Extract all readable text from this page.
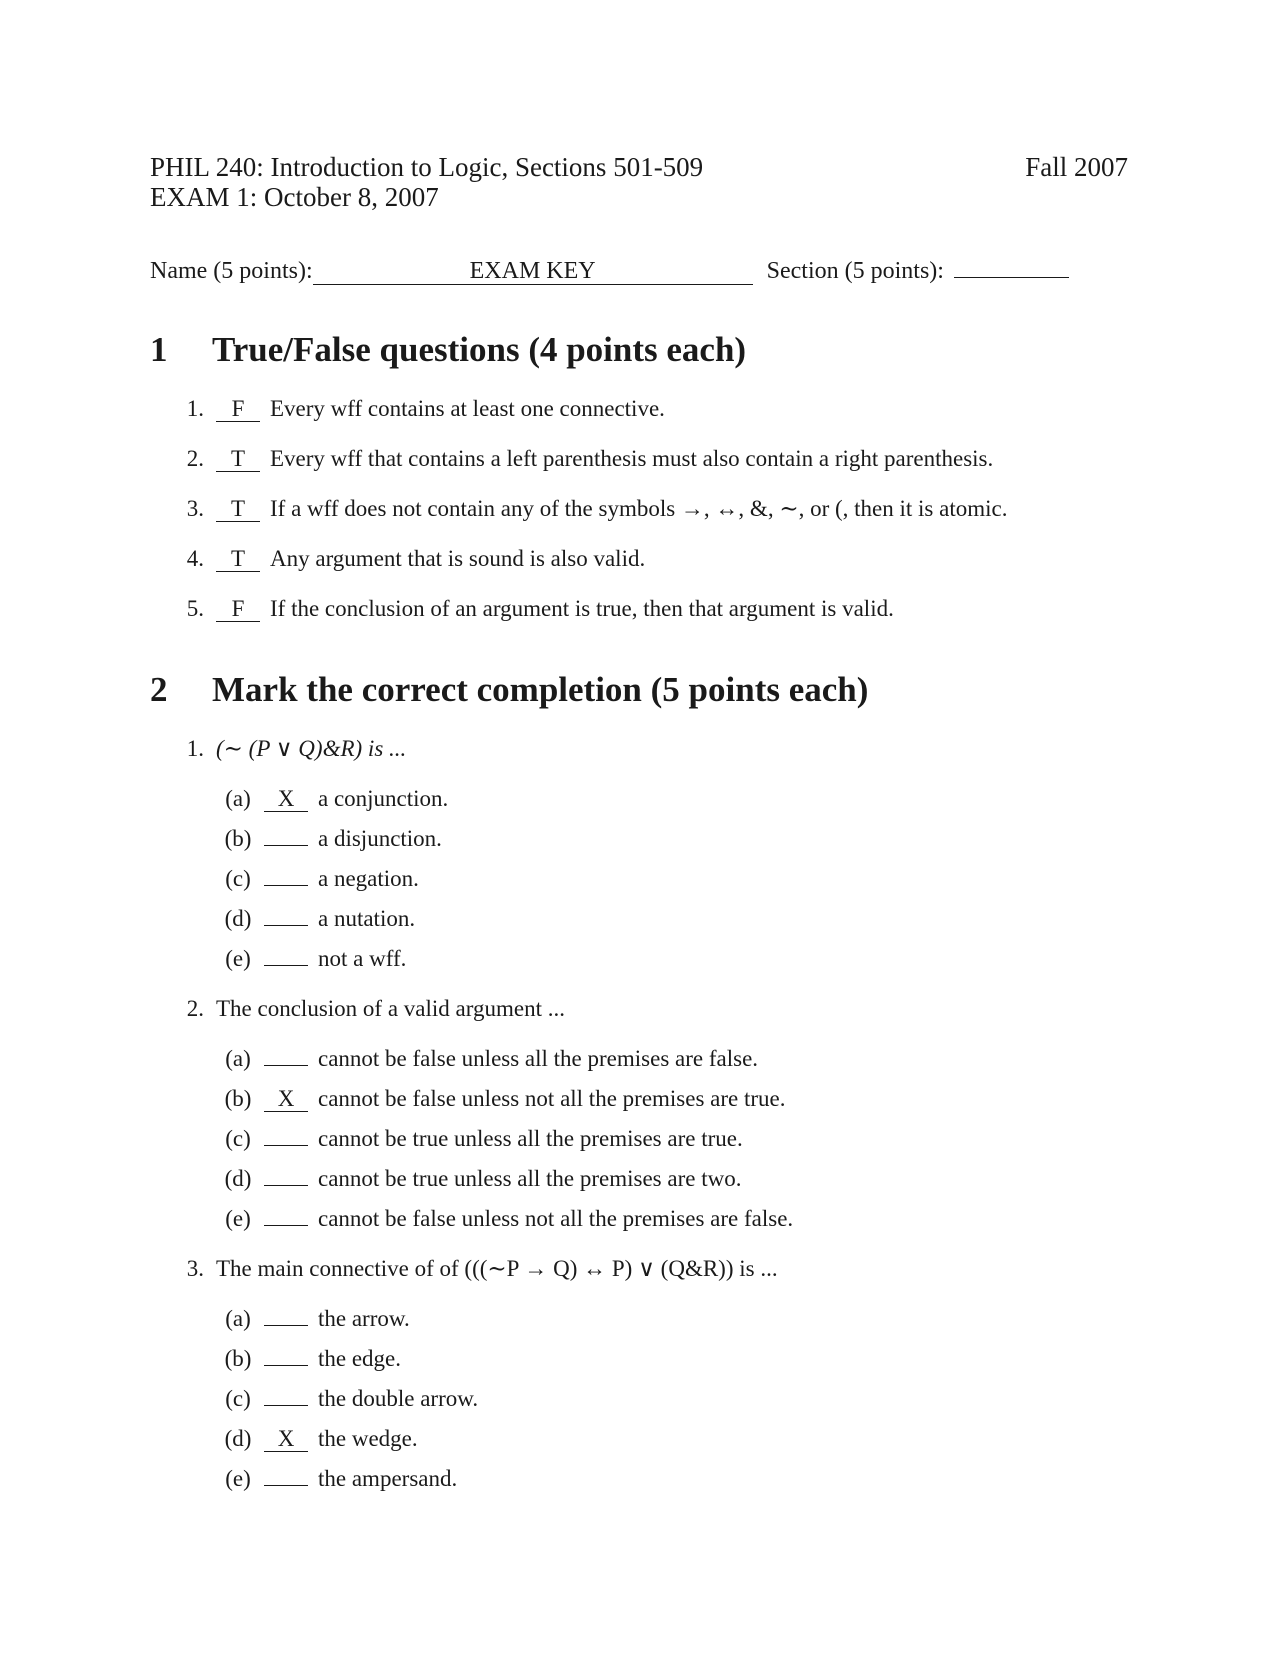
PHIL 240: Introduction to Logic, Sections 501-509
EXAM 1: October 8, 2007
Fall 2007
Name (5 points):	EXAM KEY	Section (5 points):
1 True/False questions (4 points each)
1. F Every wff contains at least one connective.
2. T Every wff that contains a left parenthesis must also contain a right parenthesis.
3. T If a wff does not contain any of the symbols →, ↔, &, ∼, or (, then it is atomic.
4. T Any argument that is sound is also valid.
5. F If the conclusion of an argument is true, then that argument is valid.
2 Mark the correct completion (5 points each)
1. (∼ (P ∨ Q)&R) is ...
(a) X a conjunction.
(b)	a disjunction.
(c)	a negation.
(d)	a nutation.
(e)	not a wff.
2. The conclusion of a valid argument ...
(a)	cannot be false unless all the premises are false.
(b) X cannot be false unless not all the premises are true.
(c)	cannot be true unless all the premises are true.
(d)	cannot be true unless all the premises are two.
(e)	cannot be false unless not all the premises are false.
3. The main connective of of (((∼P → Q) ↔ P) ∨ (Q&R)) is ...
(a)	the arrow.
(b)	the edge.
(c)	the double arrow.
(d) X the wedge.
(e)	the ampersand.
